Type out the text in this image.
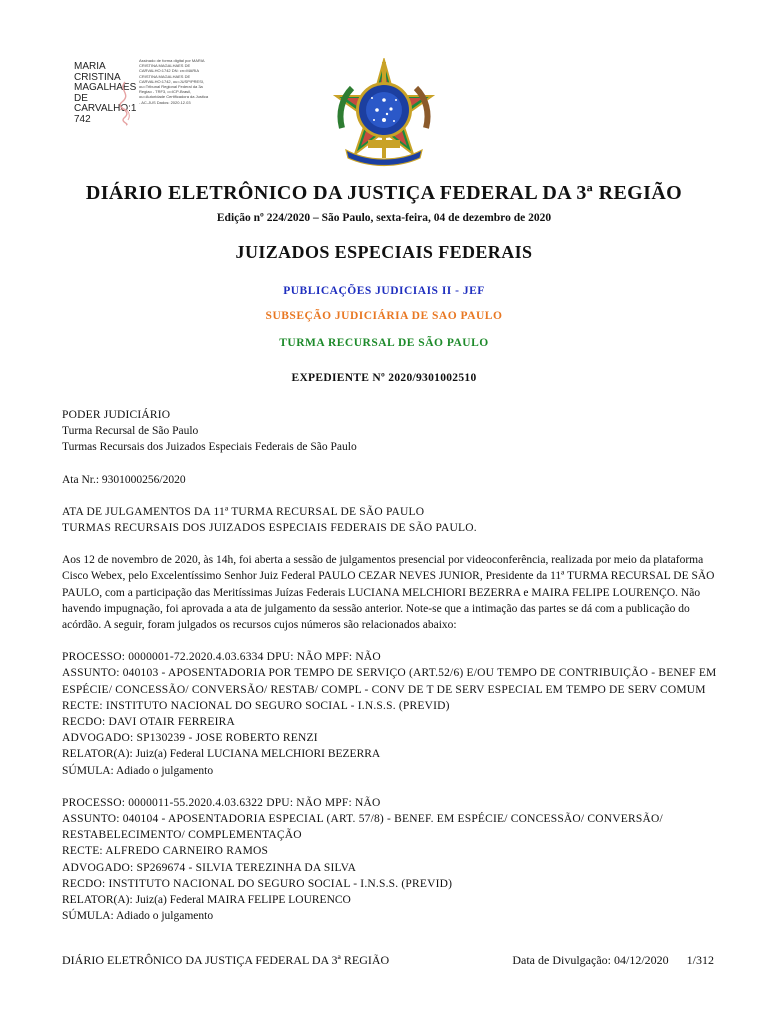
MARIA
CRISTINA
MAGALHAES
DE
CARVALHO:1
742
Assinado de forma digital por MARIA CRISTINA MAGALHAES DE CARVALHO:1742 DN: cn=MARIA CRISTINA MAGALHAES DE CARVALHO:1742, ou=JUSP/PRESI, ou=Tribunal Regional Federal da 3a Regiao - TRF3, o=ICP-Brasil, ou=Autoridade Certificadora da Justica - AC-JUS Dados: 2020.12.03
DIÁRIO ELETRÔNICO DA JUSTIÇA FEDERAL DA 3ª REGIÃO
Edição nº 224/2020 – São Paulo, sexta-feira, 04 de dezembro de 2020
JUIZADOS ESPECIAIS FEDERAIS
PUBLICAÇÕES JUDICIAIS II - JEF
SUBSEÇÃO JUDICIÁRIA DE SAO PAULO
TURMA RECURSAL DE SÃO PAULO
EXPEDIENTE Nº 2020/9301002510

PODER JUDICIÁRIO

Turma Recursal de São Paulo

Turmas Recursais dos Juizados Especiais Federais de São Paulo

Ata Nr.: 9301000256/2020

ATA DE JULGAMENTOS DA 11ª TURMA RECURSAL DE SÃO PAULO

TURMAS RECURSAIS DOS JUIZADOS ESPECIAIS FEDERAIS DE SÃO PAULO.

Aos 12 de novembro de 2020, às 14h, foi aberta a sessão de julgamentos presencial por videoconferência, realizada por meio da plataforma Cisco Webex, pelo Excelentíssimo Senhor Juiz Federal PAULO CEZAR NEVES JUNIOR, Presidente da 11ª TURMA RECURSAL DE SÃO PAULO, com a participação das Meritíssimas Juízas Federais LUCIANA MELCHIORI BEZERRA e MAIRA FELIPE LOURENÇO. Não havendo impugnação, foi aprovada a ata de julgamento da sessão anterior. Note-se que a intimação das partes se dá com a publicação do acórdão. A seguir, foram julgados os recursos cujos números são relacionados abaixo:

PROCESSO: 0000001-72.2020.4.03.6334 DPU: NÃO MPF: NÃO

ASSUNTO: 040103 - APOSENTADORIA POR TEMPO DE SERVIÇO (ART.52/6) E/OU TEMPO DE CONTRIBUIÇÃO - BENEF EM ESPÉCIE/ CONCESSÃO/ CONVERSÃO/ RESTAB/ COMPL - CONV DE T DE SERV ESPECIAL EM TEMPO DE SERV COMUM

RECTE: INSTITUTO NACIONAL DO SEGURO SOCIAL - I.N.S.S. (PREVID)

RECDO: DAVI OTAIR FERREIRA

ADVOGADO: SP130239 - JOSE ROBERTO RENZI

RELATOR(A): Juiz(a) Federal LUCIANA MELCHIORI BEZERRA

SÚMULA: Adiado o julgamento

PROCESSO: 0000011-55.2020.4.03.6322 DPU: NÃO MPF: NÃO

ASSUNTO: 040104 - APOSENTADORIA ESPECIAL (ART. 57/8) - BENEF. EM ESPÉCIE/ CONCESSÃO/ CONVERSÃO/ RESTABELECIMENTO/ COMPLEMENTAÇÃO

RECTE: ALFREDO CARNEIRO RAMOS

ADVOGADO: SP269674 - SILVIA TEREZINHA DA SILVA

RECDO: INSTITUTO NACIONAL DO SEGURO SOCIAL - I.N.S.S. (PREVID)

RELATOR(A): Juiz(a) Federal MAIRA FELIPE LOURENCO

SÚMULA: Adiado o julgamento

DIÁRIO ELETRÔNICO DA JUSTIÇA FEDERAL DA 3ª REGIÃO	Data de Divulgação: 04/12/2020      1/312
